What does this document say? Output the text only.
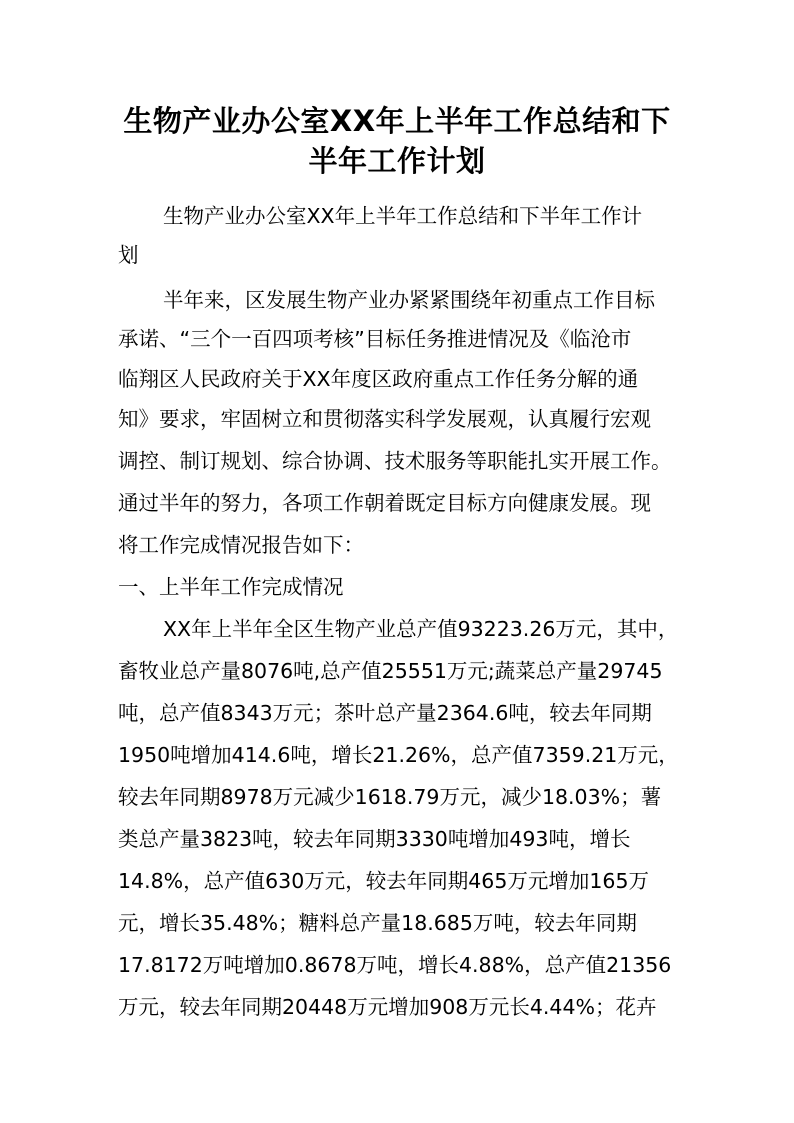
生物产业办公室XX年上半年工作总结和下
半年工作计划
生物产业办公室XX年上半年工作总结和下半年工作计
划
半年来，区发展生物产业办紧紧围绕年初重点工作目标
承诺、“三个一百四项考核”目标任务推进情况及《临沧市
临翔区人民政府关于XX年度区政府重点工作任务分解的通
知》要求，牢固树立和贯彻落实科学发展观，认真履行宏观
调控、制订规划、综合协调、技术服务等职能扎实开展工作。
通过半年的努力，各项工作朝着既定目标方向健康发展。现
将工作完成情况报告如下：
一、上半年工作完成情况
XX年上半年全区生物产业总产值93223.26万元，其中，
畜牧业总产量8076吨,总产值25551万元;蔬菜总产量29745
吨，总产值8343万元；茶叶总产量2364.6吨，较去年同期
1950吨增加414.6吨，增长21.26%，总产值7359.21万元，
较去年同期8978万元减少1618.79万元，减少18.03%；薯
类总产量3823吨，较去年同期3330吨增加493吨，增长
14.8%，总产值630万元，较去年同期465万元增加165万
元，增长35.48%；糖料总产量18.685万吨，较去年同期
17.8172万吨增加0.8678万吨，增长4.88%，总产值21356
万元，较去年同期20448万元增加908万元长4.44%；花卉
